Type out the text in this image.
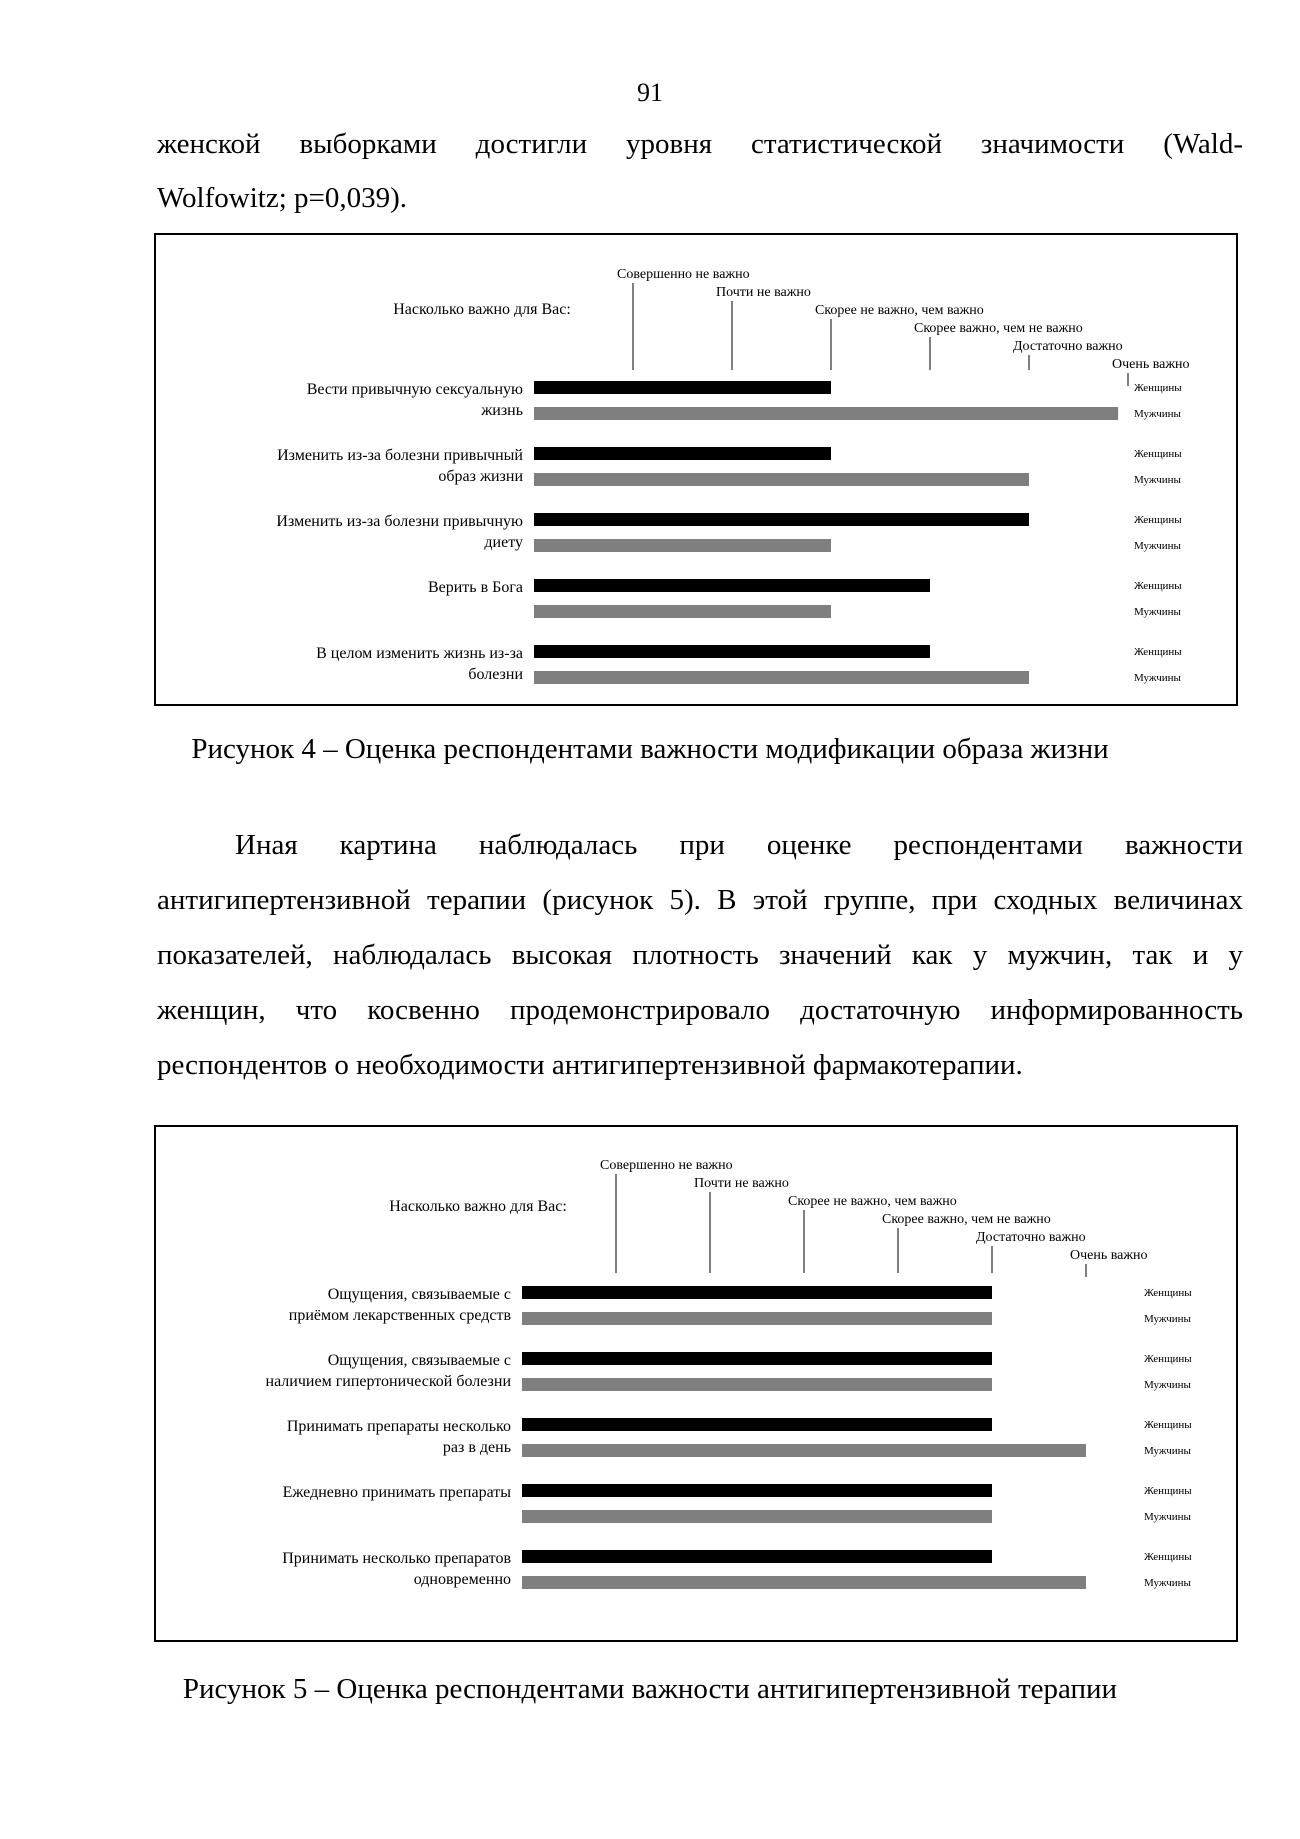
91
женской выборками достигли уровня статистической значимости (Wald-
Wolfowitz; p=0,039).
Насколько важно для Вас:
Совершенно не важно
Почти не важно
Скорее не важно, чем важно
Скорее важно, чем не важно
Достаточно важно
Очень важно
Вести привычную сексуальную
жизнь
Женщины
Мужчины
Изменить из-за болезни привычный
образ жизни
Женщины
Мужчины
Изменить из-за болезни привычную
диету
Женщины
Мужчины
Верить в Бога	Женщины
Мужчины
В целом изменить жизнь из-за
болезни
Женщины
Мужчины
Рисунок 4 – Оценка респондентами важности модификации образа жизни
Иная картина наблюдалась при оценке респондентами важности
антигипертензивной терапии (рисунок 5). В этой группе, при сходных величинах
показателей, наблюдалась высокая плотность значений как у мужчин, так и у
женщин, что косвенно продемонстрировало достаточную информированность
респондентов о необходимости антигипертензивной фармакотерапии.
Насколько важно для Вас:
Совершенно не важно
Почти не важно
Скорее не важно, чем важно
Скорее важно, чем не важно
Достаточно важно
Очень важно
Ощущения, связываемые с
приёмом лекарственных средств
Женщины
Мужчины
Ощущения, связываемые с
наличием гипертонической болезни
Женщины
Мужчины
Принимать препараты несколько
раз в день
Женщины
Мужчины
Ежедневно принимать препараты	Женщины
Мужчины
Принимать несколько препаратов
одновременно
Женщины
Мужчины
Рисунок 5 – Оценка респондентами важности антигипертензивной терапии
